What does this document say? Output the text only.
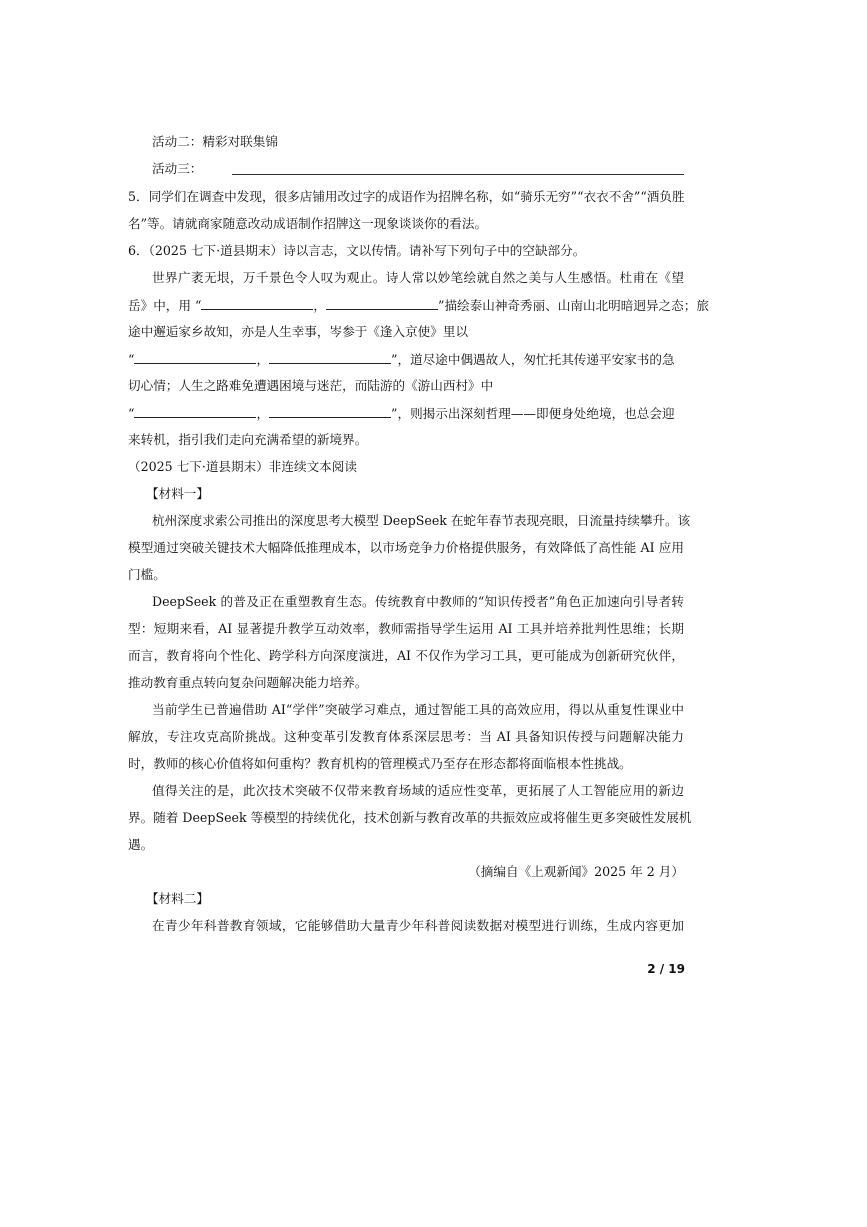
活动二：精彩对联集锦
活动三：
5．同学们在调查中发现，很多店铺用改过字的成语作为招牌名称，如“骑乐无穷”“衣衣不舍”“酒负胜
名”等。请就商家随意改动成语制作招牌这一现象谈谈你的看法。
6．（2025 七下·道县期末）诗以言志，文以传情。请补写下列句子中的空缺部分。
世界广袤无垠，万千景色令人叹为观止。诗人常以妙笔绘就自然之美与人生感悟。杜甫在《望
岳》中，用 “	，	”描绘泰山神奇秀丽、山南山北明暗迥异之态；旅
途中邂逅家乡故知，亦是人生幸事，岑参于《逢入京使》里以
“	，	”，道尽途中偶遇故人，匆忙托其传递平安家书的急
切心情；人生之路难免遭遇困境与迷茫，而陆游的《游山西村》中
“	，	”，则揭示出深刻哲理——即便身处绝境，也总会迎
来转机，指引我们走向充满希望的新境界。
（2025 七下·道县期末）非连续文本阅读
【材料一】
杭州深度求索公司推出的深度思考大模型 DeepSeek 在蛇年春节表现亮眼，日流量持续攀升。该
模型通过突破关键技术大幅降低推理成本，以市场竞争力价格提供服务，有效降低了高性能 AI 应用
门槛。
DeepSeek 的普及正在重塑教育生态。传统教育中教师的“知识传授者”角色正加速向引导者转
型：短期来看，AI 显著提升教学互动效率，教师需指导学生运用 AI 工具并培养批判性思维；长期
而言，教育将向个性化、跨学科方向深度演进，AI 不仅作为学习工具，更可能成为创新研究伙伴，
推动教育重点转向复杂问题解决能力培养。
当前学生已普遍借助 AI“学伴”突破学习难点，通过智能工具的高效应用，得以从重复性课业中
解放，专注攻克高阶挑战。这种变革引发教育体系深层思考：当 AI 具备知识传授与问题解决能力
时，教师的核心价值将如何重构？教育机构的管理模式乃至存在形态都将面临根本性挑战。
值得关注的是，此次技术突破不仅带来教育场域的适应性变革，更拓展了人工智能应用的新边
界。随着 DeepSeek 等模型的持续优化，技术创新与教育改革的共振效应或将催生更多突破性发展机
遇。
（摘编自《上观新闻》2025 年 2 月）
【材料二】
在青少年科普教育领域，它能够借助大量青少年科普阅读数据对模型进行训练，生成内容更加
2 / 19
